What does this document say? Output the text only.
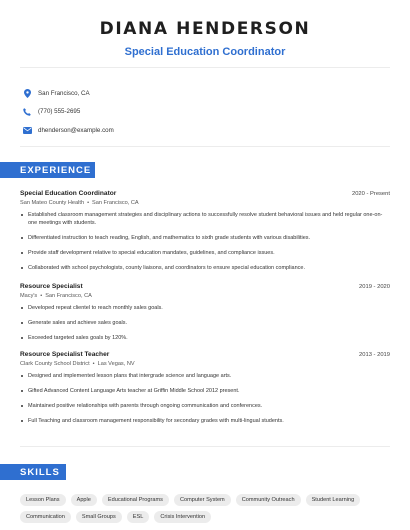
DIANA HENDERSON
Special Education Coordinator
San Francisco, CA
(770) 555-2695
dhenderson@example.com
EXPERIENCE
Special Education Coordinator	2020 - Present
San Mateo County Health • San Francisco, CA
Established classroom management strategies and disciplinary actions to successfully resolve student behavioral issues and held regular one-on-one meetings with students.
Differentiated instruction to teach reading, English, and mathematics to sixth grade students with various disabilities.
Provide staff development relative to special education mandates, guidelines, and compliance issues.
Collaborated with school psychologists, county liaisons, and coordinators to ensure special education compliance.
Resource Specialist	2019 - 2020
Macy's • San Francisco, CA
Developed repeat clientel to reach monthly sales goals.
Generate sales and achieve sales goals.
Exceeded targeted sales goals by 120%.
Resource Specialist Teacher	2013 - 2019
Clark County School District • Las Vegas, NV
Designed and implemented lesson plans that intergrade science and language arts.
Gifted Advanced Content Language Arts teacher at Griffin Middle School 2012 present.
Maintained positive relationships with parents through ongoing communication and conferences.
Full Teaching and classroom management responsibility for secondary grades with multi-lingual students.
SKILLS
Lesson Plans	Apple	Educational Programs	Computer System	Community Outreach	Student Learning
Communication	Small Groups	ESL	Crisis Intervention
